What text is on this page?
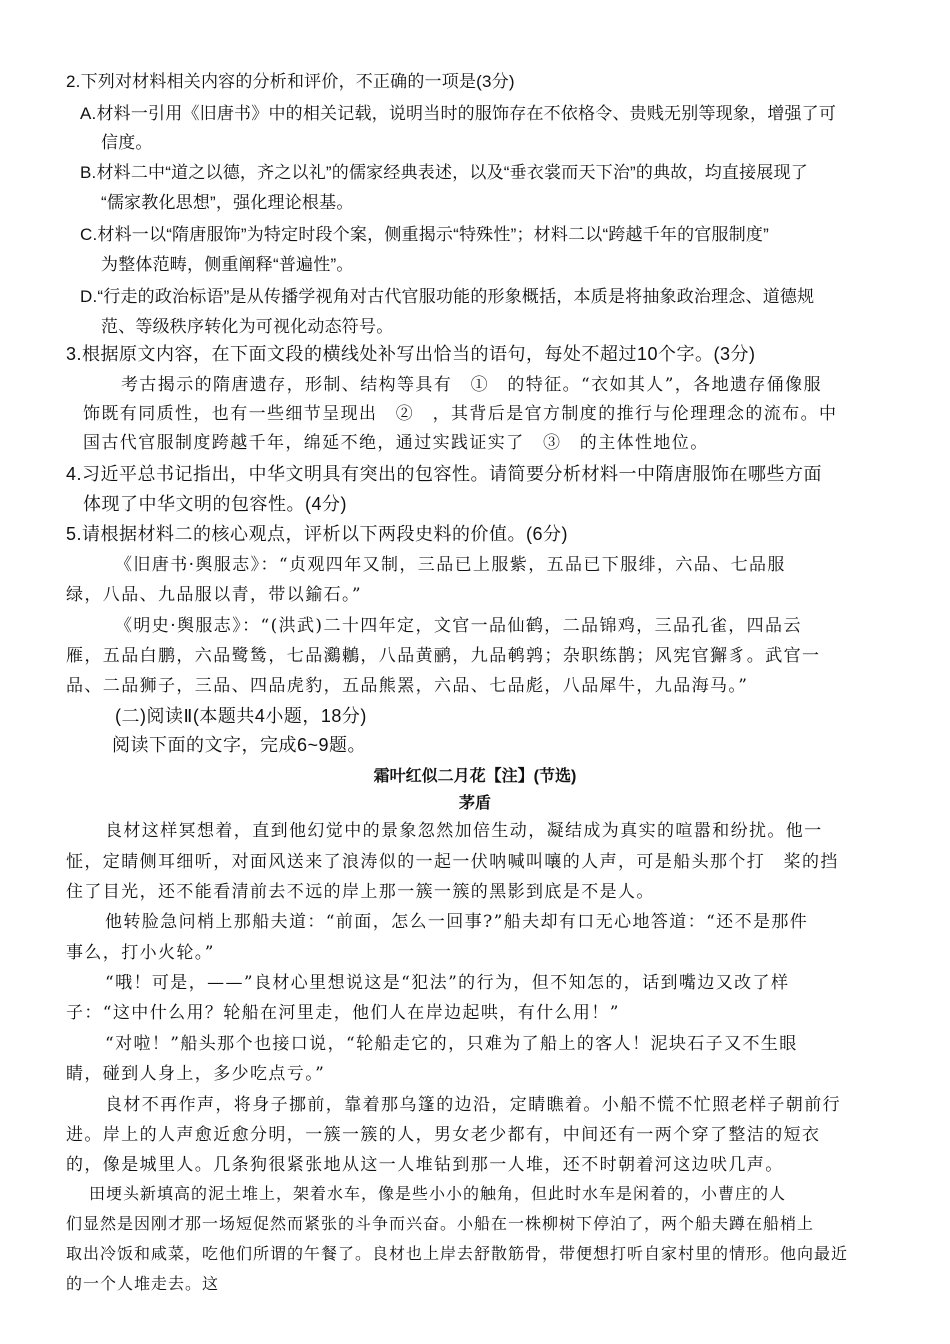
2.下列对材料相关内容的分析和评价，不正确的一项是(3分)

A.材料一引用《旧唐书》中的相关记载，说明当时的服饰存在不依格令、贵贱无别等现象，增强了可

信度。

B.材料二中“道之以德，齐之以礼”的儒家经典表述，以及“垂衣裳而天下治”的典故，均直接展现了

“儒家教化思想”，强化理论根基。

C.材料一以“隋唐服饰”为特定时段个案，侧重揭示“特殊性”；材料二以“跨越千年的官服制度”

为整体范畴，侧重阐释“普遍性”。

D.“行走的政治标语”是从传播学视角对古代官服功能的形象概括，本质是将抽象政治理念、道德规

范、等级秩序转化为可视化动态符号。

3.根据原文内容，在下面文段的横线处补写出恰当的语句，每处不超过10个字。(3分)

考古揭示的隋唐遗存，形制、结构等具有　①　的特征。“衣如其人”，各地遗存俑像服

饰既有同质性，也有一些细节呈现出　②　，其背后是官方制度的推行与伦理理念的流布。中

国古代官服制度跨越千年，绵延不绝，通过实践证实了　③　的主体性地位。

4.习近平总书记指出，中华文明具有突出的包容性。请简要分析材料一中隋唐服饰在哪些方面

体现了中华文明的包容性。(4分)

5.请根据材料二的核心观点，评析以下两段史料的价值。(6分)

《旧唐书·舆服志》：“贞观四年又制，三品已上服紫，五品已下服绯，六品、七品服

绿，八品、九品服以青，带以鍮石。”

《明史·舆服志》：“(洪武)二十四年定，文官一品仙鹤，二品锦鸡，三品孔雀，四品云

雁，五品白鹏，六品鹭鸶，七品鸂鶒，八品黄鹂，九品鹌鹑；杂职练鹊；风宪官獬豸。武官一

品、二品狮子，三品、四品虎豹，五品熊罴，六品、七品彪，八品犀牛，九品海马。”

(二)阅读Ⅱ(本题共4小题，18分)

阅读下面的文字，完成6~9题。

霜叶红似二月花【注】(节选)

茅盾

良材这样冥想着，直到他幻觉中的景象忽然加倍生动，凝结成为真实的喧嚣和纷扰。他一

怔，定睛侧耳细听，对面风送来了浪涛似的一起一伏呐喊叫嚷的人声，可是船头那个打　桨的挡

住了目光，还不能看清前去不远的岸上那一簇一簇的黑影到底是不是人。

他转脸急问梢上那船夫道：“前面，怎么一回事?”船夫却有口无心地答道：“还不是那件

事么，打小火轮。”

“哦！可是，——”良材心里想说这是“犯法”的行为，但不知怎的，话到嘴边又改了样

子：“这中什么用？轮船在河里走，他们人在岸边起哄，有什么用！”

“对啦！”船头那个也接口说，“轮船走它的，只难为了船上的客人！泥块石子又不生眼

睛，碰到人身上，多少吃点亏。”

良材不再作声，将身子挪前，靠着那乌篷的边沿，定睛瞧着。小船不慌不忙照老样子朝前行

进。岸上的人声愈近愈分明，一簇一簇的人，男女老少都有，中间还有一两个穿了整洁的短衣

的，像是城里人。几条狗很紧张地从这一人堆钻到那一人堆，还不时朝着河这边吠几声。

田埂头新填高的泥土堆上，架着水车，像是些小小的触角，但此时水车是闲着的，小曹庄的人

们显然是因刚才那一场短促然而紧张的斗争而兴奋。小船在一株柳树下停泊了，两个船夫蹲在船梢上

取出冷饭和咸菜，吃他们所谓的午餐了。良材也上岸去舒散筋骨，带便想打听自家村里的情形。他向最近

的一个人堆走去。这
